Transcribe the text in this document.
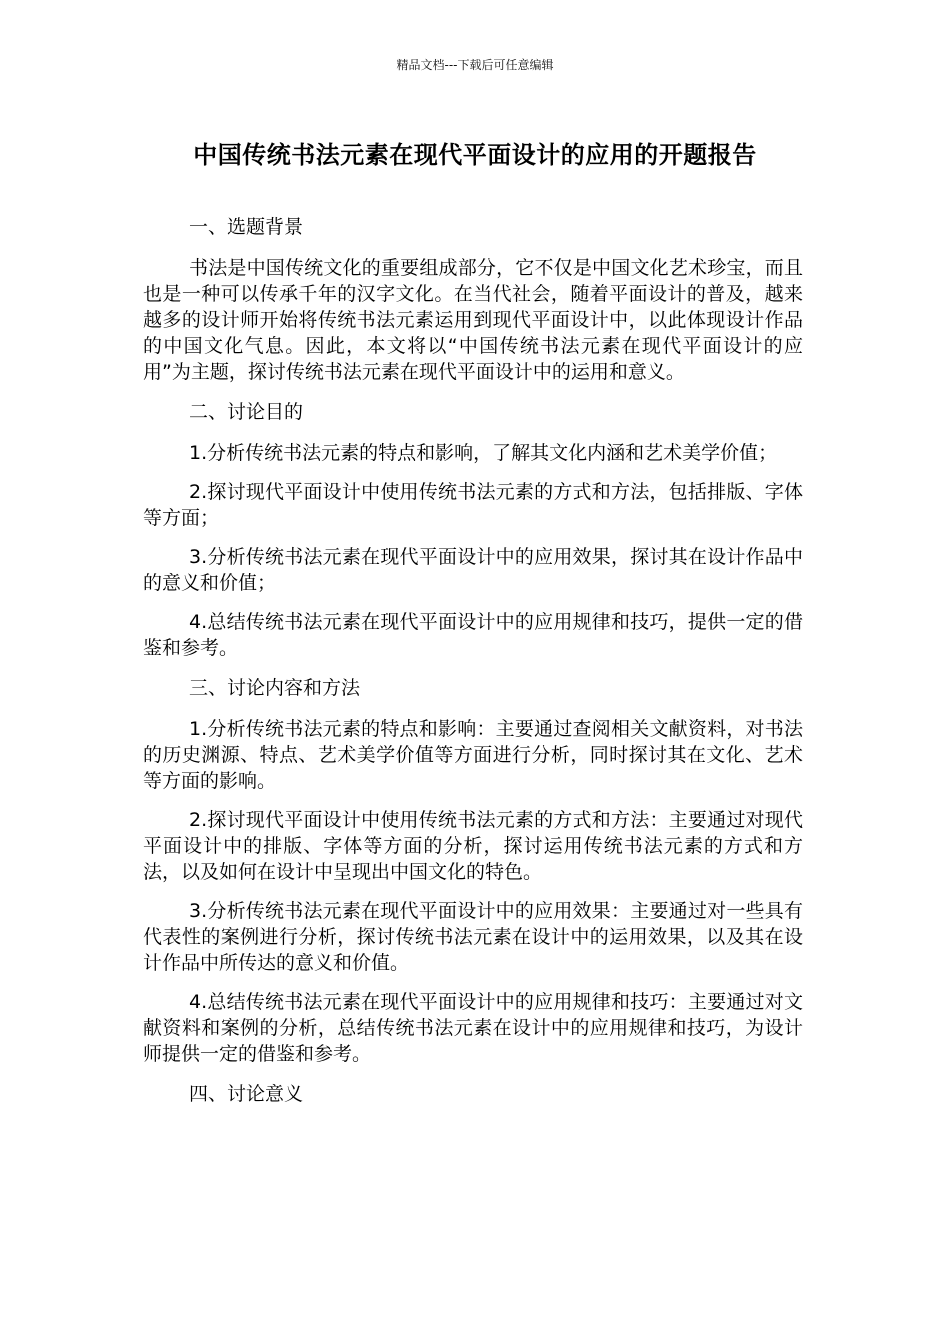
精品文档---下载后可任意编辑
中国传统书法元素在现代平面设计的应用的开题报告

一、选题背景

书法是中国传统文化的重要组成部分，它不仅是中国文化艺术珍宝，而且也是一种可以传承千年的汉字文化。在当代社会，随着平面设计的普及，越来越多的设计师开始将传统书法元素运用到现代平面设计中，以此体现设计作品的中国文化气息。因此，本文将以“中国传统书法元素在现代平面设计的应用”为主题，探讨传统书法元素在现代平面设计中的运用和意义。

二、讨论目的

1.分析传统书法元素的特点和影响，了解其文化内涵和艺术美学价值；

2.探讨现代平面设计中使用传统书法元素的方式和方法，包括排版、字体等方面；

3.分析传统书法元素在现代平面设计中的应用效果，探讨其在设计作品中的意义和价值；

4.总结传统书法元素在现代平面设计中的应用规律和技巧，提供一定的借鉴和参考。

三、讨论内容和方法

1.分析传统书法元素的特点和影响：主要通过查阅相关文献资料，对书法的历史渊源、特点、艺术美学价值等方面进行分析，同时探讨其在文化、艺术等方面的影响。

2.探讨现代平面设计中使用传统书法元素的方式和方法：主要通过对现代平面设计中的排版、字体等方面的分析，探讨运用传统书法元素的方式和方法，以及如何在设计中呈现出中国文化的特色。

3.分析传统书法元素在现代平面设计中的应用效果：主要通过对一些具有代表性的案例进行分析，探讨传统书法元素在设计中的运用效果，以及其在设计作品中所传达的意义和价值。

4.总结传统书法元素在现代平面设计中的应用规律和技巧：主要通过对文献资料和案例的分析，总结传统书法元素在设计中的应用规律和技巧，为设计师提供一定的借鉴和参考。

四、讨论意义
